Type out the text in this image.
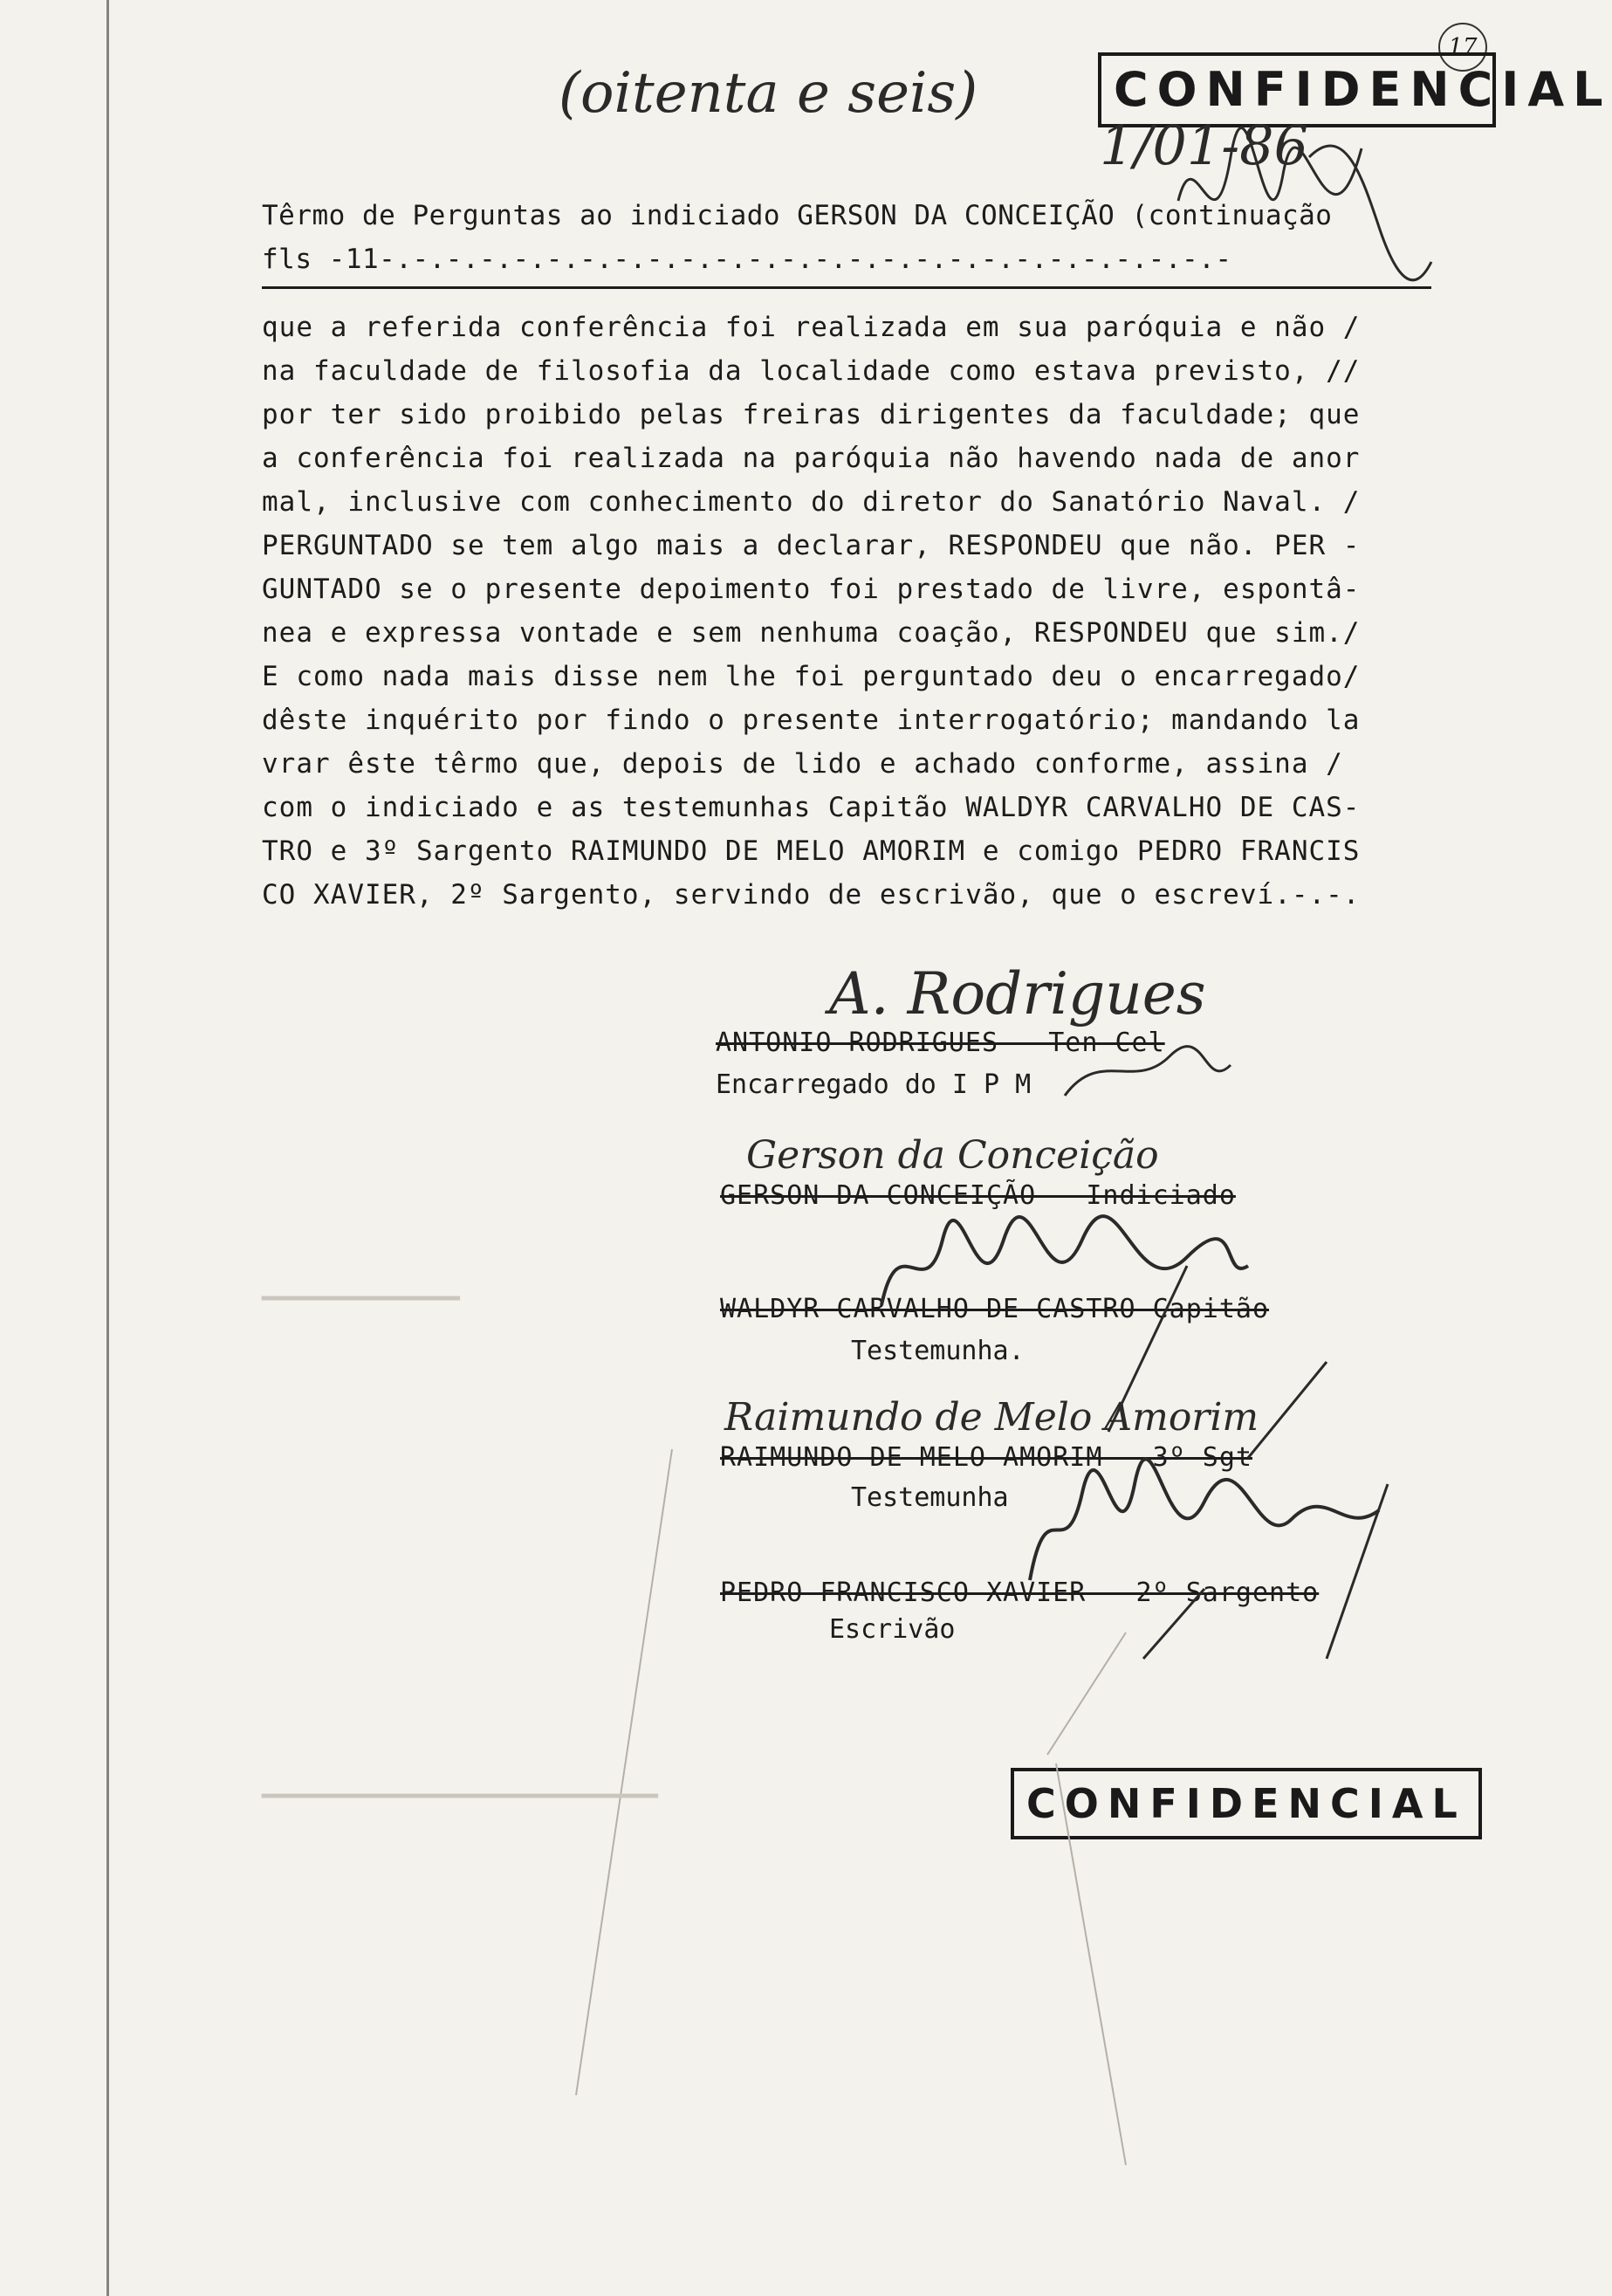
(oitenta e seis)
17
CONFIDENCIAL
1/01-86
Têrmo de Perguntas ao indiciado GERSON DA CONCEIÇÃO (continuação
fls -11-.-.-.-.-.-.-.-.-.-.-.-.-.-.-.-.-.-.-.-.-.-.-.-.-.-
que a referida conferência foi realizada em sua paróquia e não /
na faculdade de filosofia da localidade como estava previsto, //
por ter sido proibido pelas freiras dirigentes da faculdade; que
a conferência foi realizada na paróquia não havendo nada de anor
mal, inclusive com conhecimento do diretor do Sanatório Naval. /
PERGUNTADO se tem algo mais a declarar, RESPONDEU que não. PER -
GUNTADO se o presente depoimento foi prestado de livre, espontâ-
nea e expressa vontade e sem nenhuma coação, RESPONDEU que sim./
E como nada mais disse nem lhe foi perguntado deu o encarregado/
dêste inquérito por findo o presente interrogatório; mandando la
vrar êste têrmo que, depois de lido e achado conforme, assina /
com o indiciado e as testemunhas Capitão WALDYR CARVALHO DE CAS-
TRO e 3º Sargento RAIMUNDO DE MELO AMORIM e comigo PEDRO FRANCIS
CO XAVIER, 2º Sargento, servindo de escrivão, que o escreví.-.-.
A. Rodrigues
ANTONIO RODRIGUES - Ten Cel
Encarregado do I P M
Gerson da Conceição
GERSON DA CONCEIÇÃO - Indiciado
WALDYR CARVALHO DE CASTRO-Capitão
Testemunha.
Raimundo de Melo Amorim
RAIMUNDO DE MELO AMORIM - 3º Sgt
Testemunha
PEDRO FRANCISCO XAVIER - 2º Sargento
Escrivão
CONFIDENCIAL
━━━━━━━━━━━━━
━━━━━━━━━━━━━━━━━━━━━━━━━━
